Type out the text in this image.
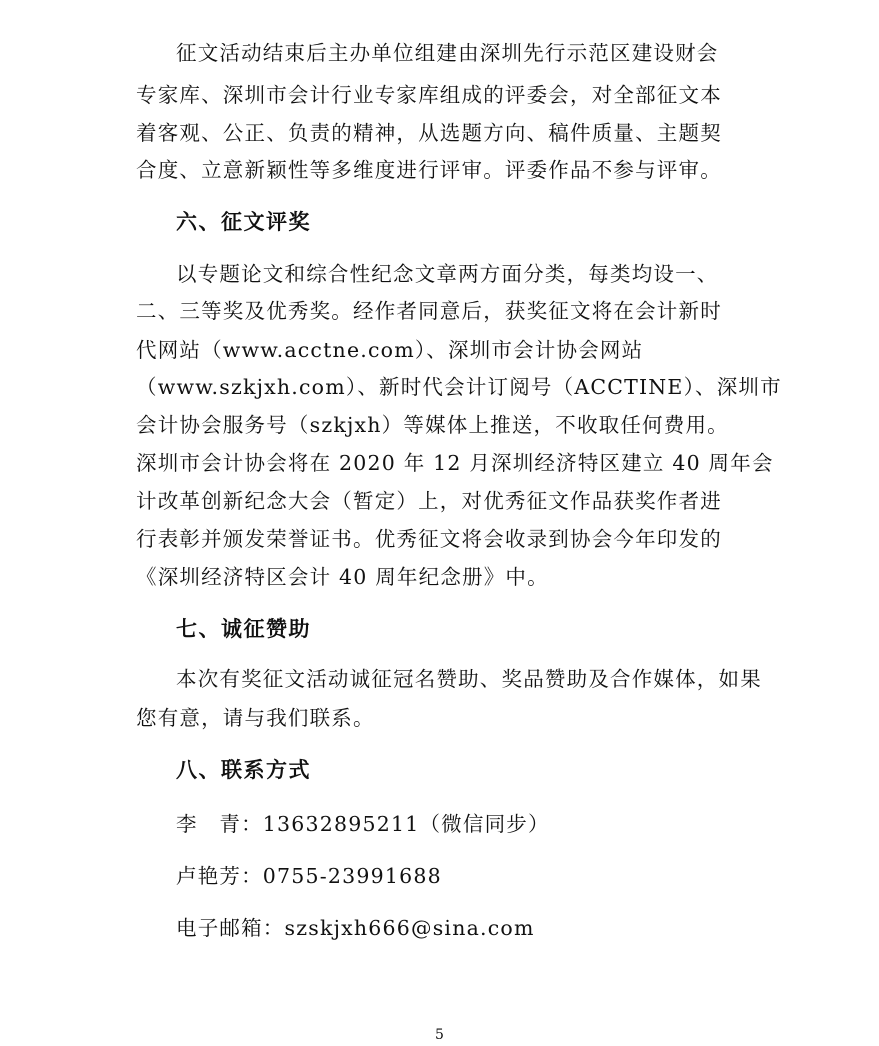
征文活动结束后主办单位组建由深圳先行示范区建设财会
专家库、深圳市会计行业专家库组成的评委会，对全部征文本
着客观、公正、负责的精神，从选题方向、稿件质量、主题契
合度、立意新颖性等多维度进行评审。评委作品不参与评审。
六、征文评奖
以专题论文和综合性纪念文章两方面分类，每类均设一、
二、三等奖及优秀奖。经作者同意后，获奖征文将在会计新时
代网站（www.acctne.com）、深圳市会计协会网站
（www.szkjxh.com）、新时代会计订阅号（ACCTINE）、深圳市
会计协会服务号（szkjxh）等媒体上推送，不收取任何费用。
深圳市会计协会将在 2020 年 12 月深圳经济特区建立 40 周年会
计改革创新纪念大会（暂定）上，对优秀征文作品获奖作者进
行表彰并颁发荣誉证书。优秀征文将会收录到协会今年印发的
《深圳经济特区会计 40 周年纪念册》中。
七、诚征赞助
本次有奖征文活动诚征冠名赞助、奖品赞助及合作媒体，如果
您有意，请与我们联系。
八、联系方式
李　青：13632895211（微信同步）
卢艳芳：0755-23991688
电子邮箱：szskjxh666@sina.com
5
